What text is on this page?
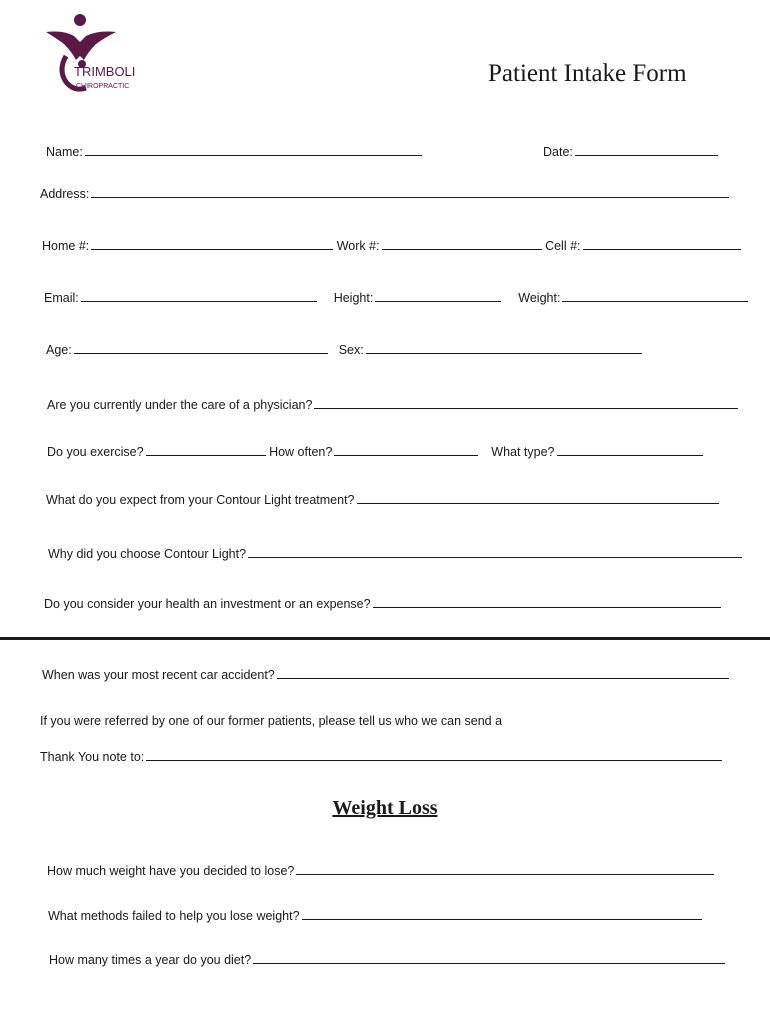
TRIMBOLI
CHIROPRACTIC	Patient Intake Form
Name:	Date:
Address:
Home #:	Work #:	Cell #:
Email:	Height:	Weight:
Age:	Sex:
Are you currently under the care of a physician?
Do you exercise?	How often?	What type?
What do you expect from your Contour Light treatment?
Why did you choose Contour Light?
Do you consider your health an investment or an expense?
When was your most recent car accident?
If you were referred by one of our former patients, please tell us who we can send a
Thank You note to:
Weight Loss
How much weight have you decided to lose?
What methods failed to help you lose weight?
How many times a year do you diet?
